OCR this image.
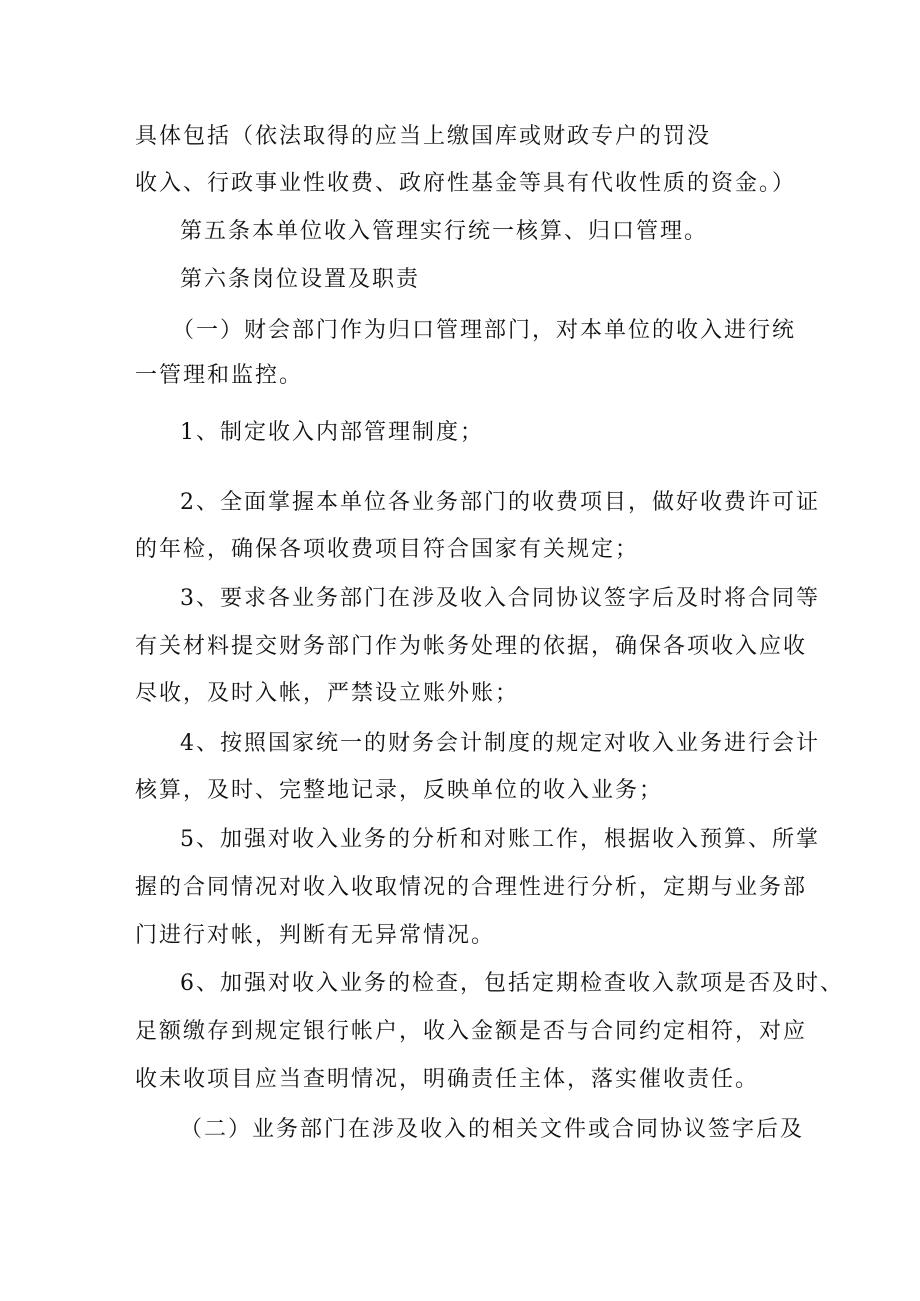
具体包括（依法取得的应当上缴国库或财政专户的罚没
收入、行政事业性收费、政府性基金等具有代收性质的资金。）
第五条本单位收入管理实行统一核算、归口管理。
第六条岗位设置及职责
（一）财会部门作为归口管理部门，对本单位的收入进行统
一管理和监控。
1、制定收入内部管理制度；
2、全面掌握本单位各业务部门的收费项目，做好收费许可证
的年检，确保各项收费项目符合国家有关规定；
3、要求各业务部门在涉及收入合同协议签字后及时将合同等
有关材料提交财务部门作为帐务处理的依据，确保各项收入应收
尽收，及时入帐，严禁设立账外账；
4、按照国家统一的财务会计制度的规定对收入业务进行会计
核算，及时、完整地记录，反映单位的收入业务；
5、加强对收入业务的分析和对账工作，根据收入预算、所掌
握的合同情况对收入收取情况的合理性进行分析，定期与业务部
门进行对帐，判断有无异常情况。
6、加强对收入业务的检查，包括定期检查收入款项是否及时、
足额缴存到规定银行帐户，收入金额是否与合同约定相符，对应
收未收项目应当查明情况，明确责任主体，落实催收责任。
（二）业务部门在涉及收入的相关文件或合同协议签字后及
